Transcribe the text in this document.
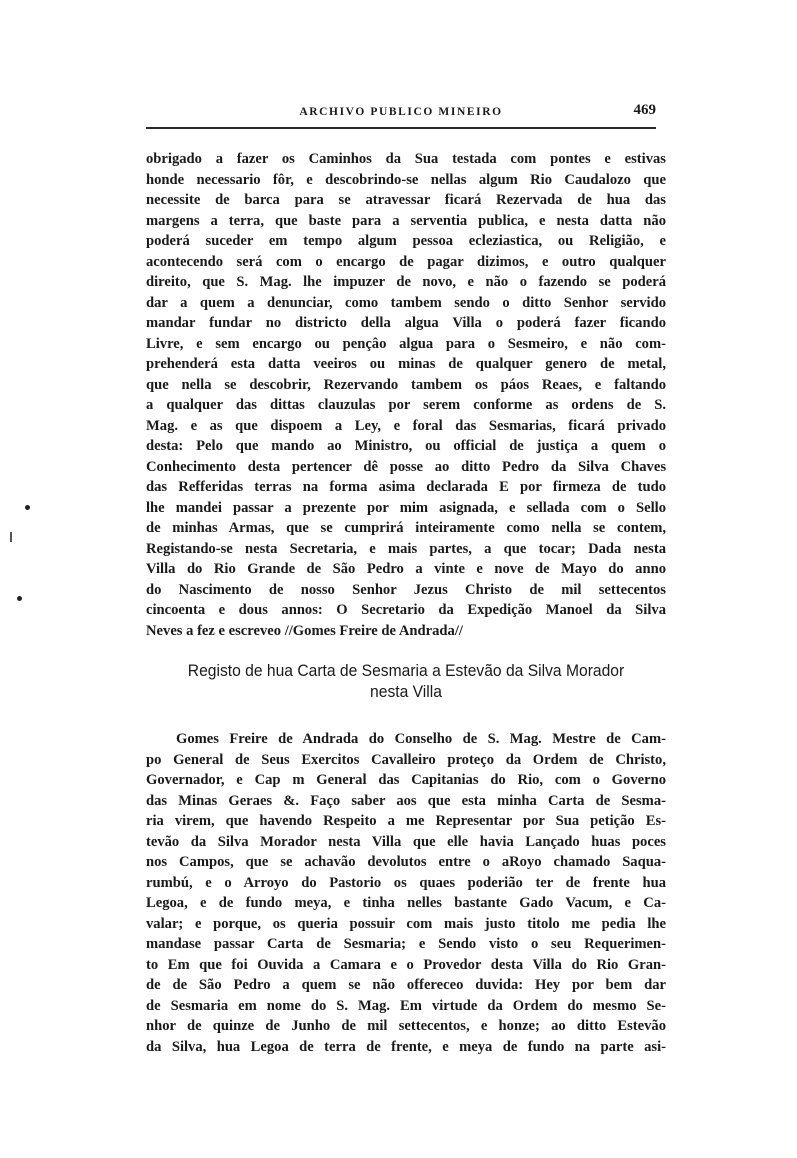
ARCHIVO PUBLICO MINEIRO	469
obrigado a fazer os Caminhos da Sua testada com pontes e estivas
honde necessario fôr, e descobrindo-se nellas algum Rio Caudalozo que
necessite de barca para se atravessar ficará Rezervada de hua das
margens a terra, que baste para a serventia publica, e nesta datta não
poderá suceder em tempo algum pessoa ecleziastica, ou Religião, e
acontecendo será com o encargo de pagar dizimos, e outro qualquer
direito, que S. Mag. lhe impuzer de novo, e não o fazendo se poderá
dar a quem a denunciar, como tambem sendo o ditto Senhor servido
mandar fundar no districto della algua Villa o poderá fazer ficando
Livre, e sem encargo ou pençâo algua para o Sesmeiro, e não com-
prehenderá esta datta veeiros ou minas de qualquer genero de metal,
que nella se descobrir, Rezervando tambem os páos Reaes, e faltando
a qualquer das dittas clauzulas por serem conforme as ordens de S.
Mag. e as que dispoem a Ley, e foral das Sesmarias, ficará privado
desta: Pelo que mando ao Ministro, ou official de justiça a quem o
Conhecimento desta pertencer dê posse ao ditto Pedro da Silva Chaves
das Refferidas terras na forma asima declarada E por firmeza de tudo
lhe mandei passar a prezente por mim asignada, e sellada com o Sello
de minhas Armas, que se cumprirá inteiramente como nella se contem,
Registando-se nesta Secretaria, e mais partes, a que tocar; Dada nesta
Villa do Rio Grande de São Pedro a vinte e nove de Mayo do anno
do Nascimento de nosso Senhor Jezus Christo de mil settecentos
cincoenta e dous annos: O Secretario da Expedição Manoel da Silva
Neves a fez e escreveo //Gomes Freire de Andrada//
Registo de hua Carta de Sesmaria a Estevão da Silva Morador
nesta Villa
Gomes Freire de Andrada do Conselho de S. Mag. Mestre de Cam-
po General de Seus Exercitos Cavalleiro proteço da Ordem de Christo,
Governador, e Cap m General das Capitanias do Rio, com o Governo
das Minas Geraes &. Faço saber aos que esta minha Carta de Sesma-
ria virem, que havendo Respeito a me Representar por Sua petição Es-
tevão da Silva Morador nesta Villa que elle havia Lançado huas poces
nos Campos, que se achavão devolutos entre o aRoyo chamado Saqua-
rumbú, e o Arroyo do Pastorio os quaes poderião ter de frente hua
Legoa, e de fundo meya, e tinha nelles bastante Gado Vacum, e Ca-
valar; e porque, os queria possuir com mais justo titolo me pedia lhe
mandase passar Carta de Sesmaria; e Sendo visto o seu Requerimen-
to Em que foi Ouvida a Camara e o Provedor desta Villa do Rio Gran-
de de São Pedro a quem se não offereceo duvida: Hey por bem dar
de Sesmaria em nome do S. Mag. Em virtude da Ordem do mesmo Se-
nhor de quinze de Junho de mil settecentos, e honze; ao ditto Estevão
da Silva, hua Legoa de terra de frente, e meya de fundo na parte asi-
